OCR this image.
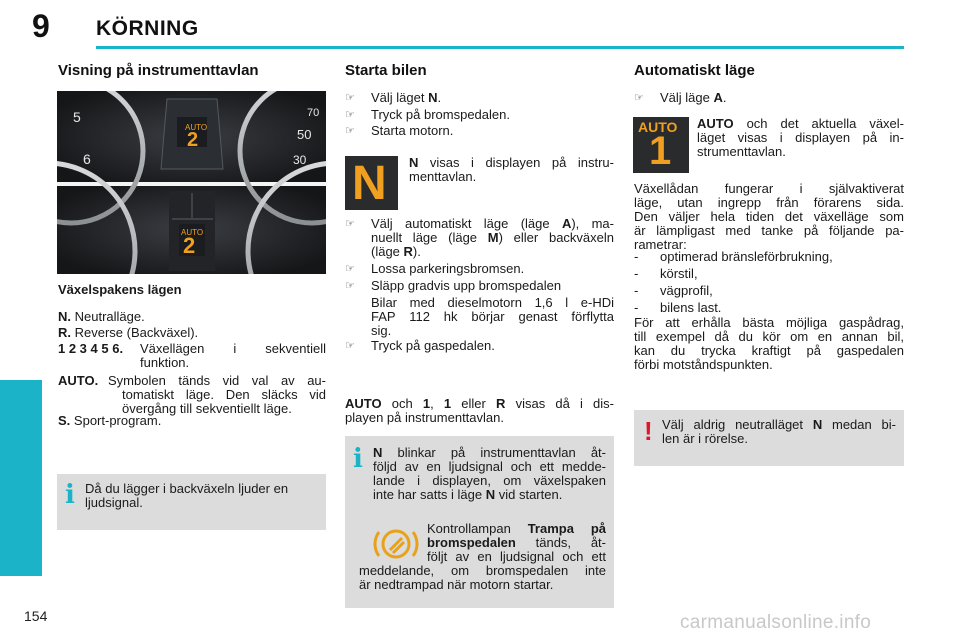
9 KÖRNING
154	carmanualsonline.info
Visning på instrumenttavlan
AUTO
2
AUTO
2
5
6
70
50
30
Växelspakens lägen
N. Neutralläge.
R. Reverse (Backväxel).
1 2 3 4 5 6. Växellägen i sekventiell
funktion.
AUTO. Symbolen tänds vid val av au-
tomatiskt läge. Den släcks vid
övergång till sekventiellt läge.
S. Sport-program.
i Då du lägger i backväxeln ljuder en
ljudsignal.
Starta bilen
☞	Välj läget N.
☞	Tryck på bromspedalen.
☞	Starta motorn.
N N visas i displayen på instru-
menttavlan.
☞	Välj automatiskt läge (läge A), ma-
nuellt läge (läge M) eller backväxeln
(läge R).
☞	Lossa parkeringsbromsen.
☞	Släpp gradvis upp bromspedalen
Bilar med dieselmotorn 1,6 l e-HDi
FAP 112 hk börjar genast förflytta
sig.
☞	Tryck på gaspedalen.
AUTO och 1, 1 eller R visas då i dis-
playen på instrumenttavlan.
i N blinkar på instrumenttavlan åt-
följd av en ljudsignal och ett medde-
lande i displayen, om växelspaken
inte har satts i läge N vid starten.
Kontrollampan Trampa på
bromspedalen tänds, åt-
följt av en ljudsignal och ett
meddelande, om bromspedalen inte
är nedtrampad när motorn startar.
Automatiskt läge
☞	Välj läge A.
AUTO
1
AUTO och det aktuella växel-
läget visas i displayen på in-
strumenttavlan.
Växellådan fungerar i självaktiverat
läge, utan ingrepp från förarens sida.
Den väljer hela tiden det växelläge som
är lämpligast med tanke på följande pa-
rametrar:
- optimerad bränsleförbrukning,
- körstil,
- vägprofil,
- bilens last.
För att erhålla bästa möjliga gaspådrag,
till exempel då du kör om en annan bil,
kan du trycka kraftigt på gaspedalen
förbi motståndspunkten.
! Välj aldrig neutralläget N medan bi-
len är i rörelse.
